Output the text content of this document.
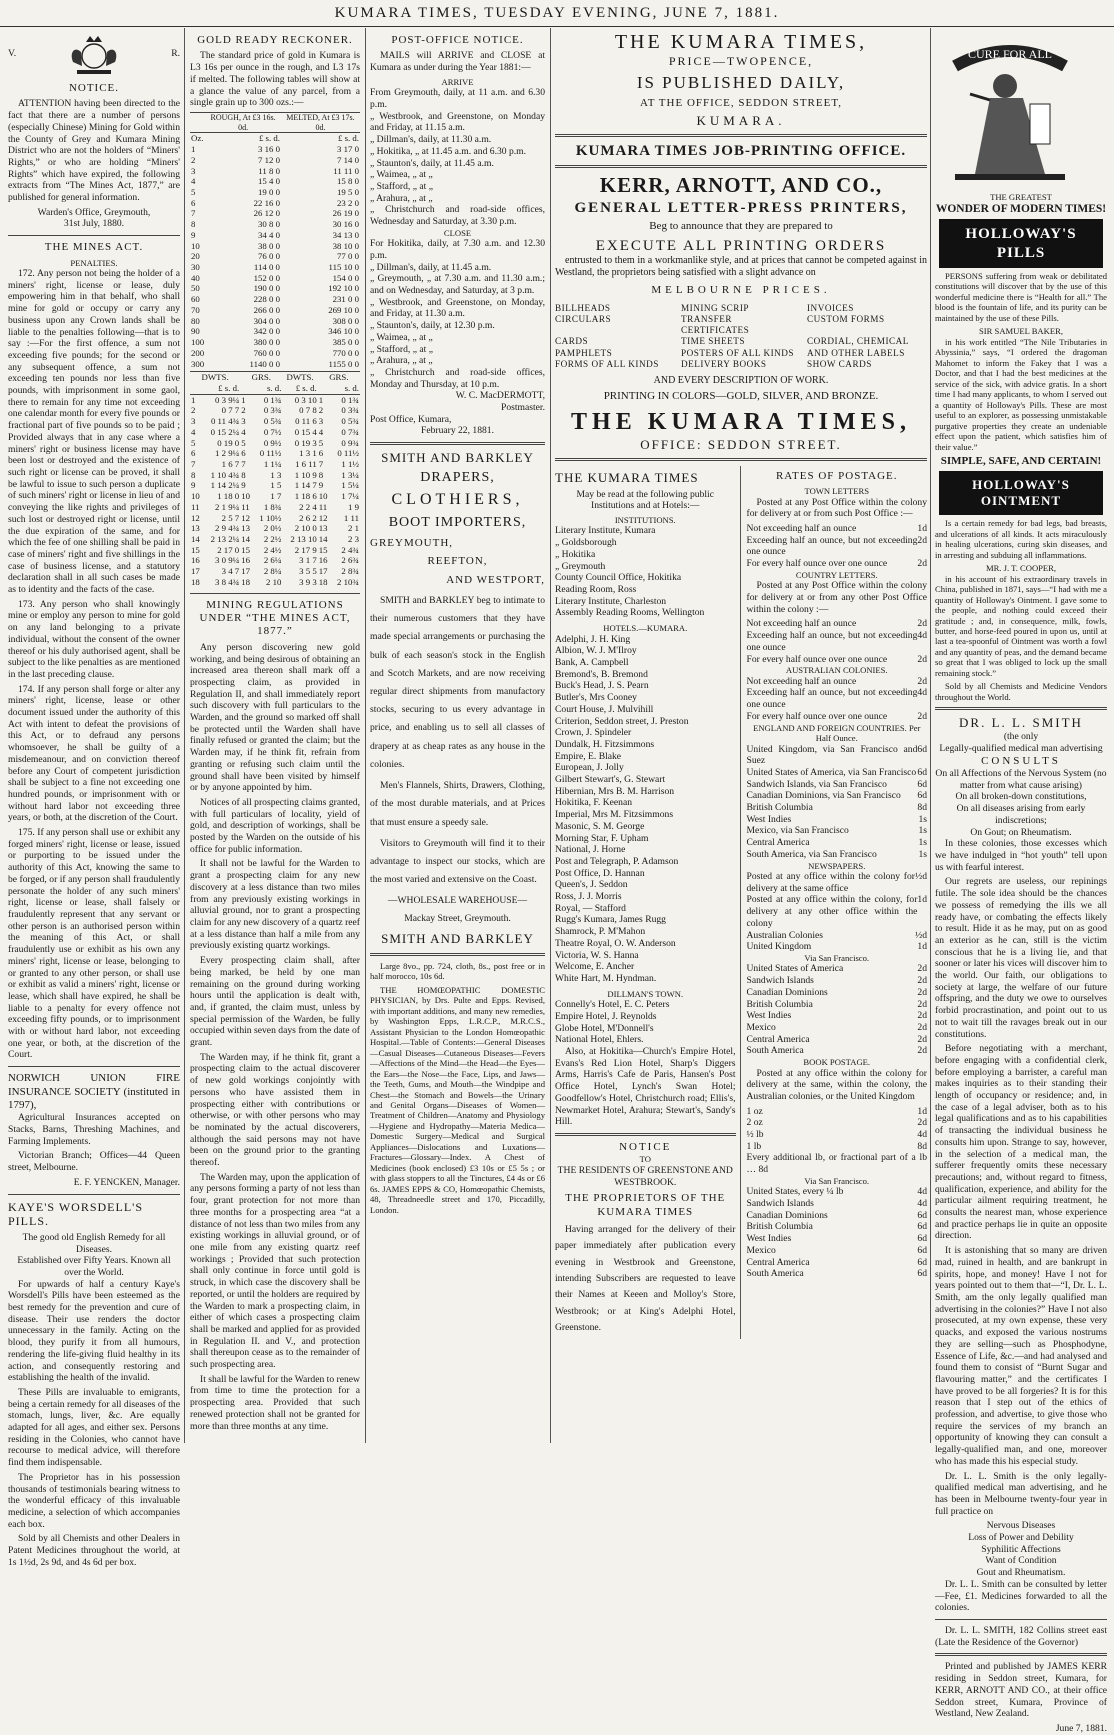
KUMARA TIMES, TUESDAY EVENING, JUNE 7, 1881.
V.	R.
NOTICE.

ATTENTION having been directed to the fact that there are a number of persons (especially Chinese) Mining for Gold within the County of Grey and Kumara Mining District who are not the holders of “Miners' Rights,” or who are holding “Miners' Rights” which have expired, the following extracts from “The Mines Act, 1877,” are published for general information.

Warden's Office, Greymouth,
31st July, 1880.
THE MINES ACT.
PENALTIES.

172. Any person not being the holder of a miners' right, license or lease, duly empowering him in that behalf, who shall mine for gold or occupy or carry any business upon any Crown lands shall be liable to the penalties following—that is to say :—For the first offence, a sum not exceeding five pounds; for the second or any subsequent offence, a sum not exceeding ten pounds nor less than five pounds, with imprisonment in some gaol, there to remain for any time not exceeding one calendar month for every five pounds or fractional part of five pounds so to be paid ; Provided always that in any case where a miners' right or business license may have been lost or destroyed and the existence of such right or license can be proved, it shall be lawful to issue to such person a duplicate of such miners' right or license in lieu of and conveying the like rights and privileges of such lost or destroyed right or license, until the due expiration of the same, and for which the fee of one shilling shall be paid in case of miners' right and five shillings in the case of business license, and a statutory declaration shall in all such cases be made as to identity and the facts of the case.

173. Any person who shall knowingly mine or employ any person to mine for gold on any land belonging to a private individual, without the consent of the owner thereof or his duly authorised agent, shall be subject to the like penalties as are mentioned in the last preceding clause.

174. If any person shall forge or alter any miners' right, license, lease or other document issued under the authority of this Act with intent to defeat the provisions of this Act, or to defraud any persons whomsoever, he shall be guilty of a misdemeanour, and on conviction thereof before any Court of competent jurisdiction shall be subject to a fine not exceeding one hundred pounds, or imprisonment with or without hard labor not exceeding three years, or both, at the discretion of the Court.

175. If any person shall use or exhibit any forged miners' right, license or lease, issued or purporting to be issued under the authority of this Act, knowing the same to be forged, or if any person shall fraudulently personate the holder of any such miners' right, license or lease, shall falsely or fraudulently represent that any servant or other person is an authorised person within the meaning of this Act, or shall fraudulently use or exhibit as his own any miners' right, license or lease, belonging to or granted to any other person, or shall use or exhibit as valid a miners' right, license or lease, which shall have expired, he shall be liable to a penalty for every offence not exceeding fifty pounds, or to imprisonment with or without hard labor, not exceeding one year, or both, at the discretion of the Court.

NORWICH UNION FIRE INSURANCE SOCIETY (instituted in 1797),

Agricultural Insurances accepted on Stacks, Barns, Threshing Machines, and Farming Implements.

Victorian Branch; Offices—44 Queen street, Melbourne.

E. F. YENCKEN, Manager.
KAYE'S WORSDELL'S PILLS.
The good old English Remedy for all Diseases.
Established over Fifty Years. Known all over the World.

For upwards of half a century Kaye's Worsdell's Pills have been esteemed as the best remedy for the prevention and cure of disease. Their use renders the doctor unnecessary in the family. Acting on the blood, they purify it from all humours, rendering the life-giving fluid healthy in its action, and consequently restoring and establishing the health of the invalid.

These Pills are invaluable to emigrants, being a certain remedy for all diseases of the stomach, lungs, liver, &c. Are equally adapted for all ages, and either sex. Persons residing in the Colonies, who cannot have recourse to medical advice, will therefore find them indispensable.

The Proprietor has in his possession thousands of testimonials bearing witness to the wonderful efficacy of this invaluable medicine, a selection of which accompanies each box.

Sold by all Chemists and other Dealers in Patent Medicines throughout the world, at 1s 1½d, 2s 9d, and 4s 6d per box.

GOLD READY RECKONER.

The standard price of gold in Kumara is L3 16s per ounce in the rough, and L3 17s if melted. The following tables will show at a glance the value of any parcel, from a single grain up to 300 ozs.:—

	ROUGH, At £3 16s. 0d.	MELTED, At £3 17s. 0d.
Oz.	£ s. d.	£ s. d.
1	3 16 0	3 17 0
2	7 12 0	7 14 0
3	11 8 0	11 11 0
4	15 4 0	15 8 0
5	19 0 0	19 5 0
6	22 16 0	23 2 0
7	26 12 0	26 19 0
8	30 8 0	30 16 0
9	34 4 0	34 13 0
10	38 0 0	38 10 0
20	76 0 0	77 0 0
30	114 0 0	115 10 0
40	152 0 0	154 0 0
50	190 0 0	192 10 0
60	228 0 0	231 0 0
70	266 0 0	269 10 0
80	304 0 0	308 0 0
90	342 0 0	346 10 0
100	380 0 0	385 0 0
200	760 0 0	770 0 0
300	1140 0 0	1155 0 0
DWTS.		GRS.		DWTS.	GRS.	
	£ s. d.		s. d.	£ s. d.		s. d.
1	0 3 9¼	1	0 1¾	0 3 10	1	0 1¾
2	0 7 7	2	0 3¾	0 7 8	2	0 3¾
3	0 11 4¾	3	0 5¾	0 11 6	3	0 5¾
4	0 15 2¼	4	0 7½	0 15 4	4	0 7¾
5	0 19 0	5	0 9½	0 19 3	5	0 9¾
6	1 2 9¼	6	0 11½	1 3 1	6	0 11½
7	1 6 7	7	1 1¼	1 6 11	7	1 1½
8	1 10 4¾	8	1 3	1 10 9	8	1 3¼
9	1 14 2¼	9	1 5	1 14 7	9	1 5¼
10	1 18 0	10	1 7	1 18 6	10	1 7¼
11	2 1 9¼	11	1 8¾	2 2 4	11	1 9
12	2 5 7	12	1 10½	2 6 2	12	1 11
13	2 9 4¾	13	2 0½	2 10 0	13	2 1
14	2 13 2¼	14	2 2½	2 13 10	14	2 3
15	2 17 0	15	2 4½	2 17 9	15	2 4¾
16	3 0 9¼	16	2 6¼	3 1 7	16	2 6¾
17	3 4 7	17	2 8¼	3 5 5	17	2 8¾
18	3 8 4¾	18	2 10	3 9 3	18	2 10¾
MINING REGULATIONS UNDER “THE MINES ACT, 1877.”

Any person discovering new gold working, and being desirous of obtaining an increased area thereon shall mark off a prospecting claim, as provided in Regulation II, and shall immediately report such discovery with full particulars to the Warden, and the ground so marked off shall be protected until the Warden shall have finally refused or granted the claim; but the Warden may, if he think fit, refrain from granting or refusing such claim until the ground shall have been visited by himself or by anyone appointed by him.

Notices of all prospecting claims granted, with full particulars of locality, yield of gold, and description of workings, shall be posted by the Warden on the outside of his office for public information.

It shall not be lawful for the Warden to grant a prospecting claim for any new discovery at a less distance than two miles from any previously existing workings in alluvial ground, nor to grant a prospecting claim for any new discovery of a quartz reef at a less distance than half a mile from any previously existing quartz workings.

Every prospecting claim shall, after being marked, be held by one man remaining on the ground during working hours until the application is dealt with, and, if granted, the claim must, unless by special permission of the Warden, be fully occupied within seven days from the date of grant.

The Warden may, if he think fit, grant a prospecting claim to the actual discoverer of new gold workings conjointly with persons who have assisted them in prospecting either with contributions or otherwise, or with other persons who may be nominated by the actual discoverers, although the said persons may not have been on the ground prior to the granting thereof.

The Warden may, upon the application of any persons forming a party of not less than four, grant protection for not more than three months for a prospecting area “at a distance of not less than two miles from any existing workings in alluvial ground, or of one mile from any existing quartz reef workings ; Provided that such protection shall only continue in force until gold is struck, in which case the discovery shall be reported, or until the holders are required by the Warden to mark a prospecting claim, in either of which cases a prospecting claim shall be marked and applied for as provided in Regulation II. and V., and protection shall thereupon cease as to the remainder of such prospecting area.

It shall be lawful for the Warden to renew from time to time the protection for a prospecting area. Provided that such renewed protection shall not be granted for more than three months at any time.

POST-OFFICE NOTICE.

MAILS will ARRIVE and CLOSE at Kumara as under during the Year 1881:—

ARRIVE
From Greymouth, daily, at 11 a.m. and 6.30 p.m.
„ Westbrook, and Greenstone, on Monday and Friday, at 11.15 a.m.
„ Dillman's, daily, at 11.30 a.m.
„ Hokitika, „ at 11.45 a.m. and 6.30 p.m.
„ Staunton's, daily, at 11.45 a.m.
„ Waimea, „ at „
„ Stafford, „ at „
„ Arahura, „ at „
„ Christchurch and road-side offices, Wednesday and Saturday, at 3.30 p.m.
CLOSE
For Hokitika, daily, at 7.30 a.m. and 12.30 p.m.
„ Dillman's, daily, at 11.45 a.m.
„ Greymouth, „ at 7.30 a.m. and 11.30 a.m.; and on Wednesday, and Saturday, at 3 p.m.
„ Westbrook, and Greenstone, on Monday, and Friday, at 11.30 a.m.
„ Staunton's, daily, at 12.30 p.m.
„ Waimea, „ at „
„ Stafford, „ at „
„ Arahura, „ at „
„ Christchurch and road-side offices, Monday and Thursday, at 10 p.m.
W. C. MacDERMOTT,
Postmaster.
Post Office, Kumara,
February 22, 1881.
SMITH AND BARKLEY
DRAPERS,
CLOTHIERS,
BOOT IMPORTERS,
GREYMOUTH,
REEFTON,
AND WESTPORT,

SMITH and BARKLEY beg to intimate to their numerous customers that they have made special arrangements or purchasing the bulk of each season's stock in the English and Scotch Markets, and are now receiving regular direct shipments from manufactory stocks, securing to us every advantage in price, and enabling us to sell all classes of drapery at as cheap rates as any house in the colonies.

Men's Flannels, Shirts, Drawers, Clothing, of the most durable materials, and at Prices that must ensure a speedy sale.

Visitors to Greymouth will find it to their advantage to inspect our stocks, which are the most varied and extensive on the Coast.

—WHOLESALE WAREHOUSE—
Mackay Street, Greymouth.
SMITH AND BARKLEY

Large 8vo., pp. 724, cloth, 8s., post free or in half morocco, 10s 6d.

THE HOMŒOPATHIC DOMESTIC PHYSICIAN, by Drs. Pulte and Epps. Revised, with important additions, and many new remedies, by Washington Epps, L.R.C.P., M.R.C.S., Assistant Physician to the London Homœopathic Hospital.—Table of Contents:—General Diseases—Casual Diseases—Cutaneous Diseases—Fevers—Affections of the Mind—the Head—the Eyes—the Ears—the Nose—the Face, Lips, and Jaws—the Teeth, Gums, and Mouth—the Windpipe and Chest—the Stomach and Bowels—the Urinary and Genital Organs—Diseases of Women—Treatment of Children—Anatomy and Physiology—Hygiene and Hydropathy—Materia Medica—Domestic Surgery—Medical and Surgical Appliances—Dislocations and Luxations—Fractures—Glossary—Index. A Chest of Medicines (book enclosed) £3 10s or £5 5s ; or with glass stoppers to all the Tinctures, £4 4s or £6 6s. JAMES EPPS & CO, Homœopathic Chemists, 48, Threadneedle street and 170, Piccadilly, London.

THE KUMARA TIMES,
PRICE—TWOPENCE,
IS PUBLISHED DAILY,
AT THE OFFICE, SEDDON STREET,
KUMARA.
KUMARA TIMES JOB-PRINTING OFFICE.
KERR, ARNOTT, AND CO.,
GENERAL LETTER-PRESS PRINTERS,
Beg to announce that they are prepared to
EXECUTE ALL PRINTING ORDERS

entrusted to them in a workmanlike style, and at prices that cannot be competed against in Westland, the proprietors being satisfied with a slight advance on

MELBOURNE PRICES.
BILLHEADS	MINING SCRIP	INVOICES
CIRCULARS	TRANSFER CERTIFICATES
CUSTOM FORMS
CARDS	TIME SHEETS	CORDIAL, CHEMICAL
PAMPHLETS	POSTERS OF ALL KINDS	AND OTHER LABELS
FORMS OF ALL KINDS	DELIVERY BOOKS	SHOW CARDS
AND EVERY DESCRIPTION OF WORK.
PRINTING IN COLORS—GOLD, SILVER, AND BRONZE.
THE KUMARA TIMES,
OFFICE: SEDDON STREET.
THE KUMARA TIMES
May be read at the following public Institutions and at Hotels:—
INSTITUTIONS.
Literary Institute, Kumara
„ Goldsborough
„ Hokitika
„ Greymouth
County Council Office, Hokitika
Reading Room, Ross
Literary Institute, Charleston
Assembly Reading Rooms, Wellington
HOTELS.—KUMARA.
Adelphi, J. H. King
Albion, W. J. M'Ilroy
Bank, A. Campbell
Bremond's, B. Bremond
Buck's Head, J. S. Pearn
Butler's, Mrs Cooney
Court House, J. Mulvihill
Criterion, Seddon street, J. Preston
Crown, J. Spindeler
Dundalk, H. Fitzsimmons
Empire, E. Blake
European, J. Jolly
Gilbert Stewart's, G. Stewart
Hibernian, Mrs B. M. Harrison
Hokitika, F. Keenan
Imperial, Mrs M. Fitzsimmons
Masonic, S. M. George
Morning Star, F. Upham
National, J. Horne
Post and Telegraph, P. Adamson
Post Office, D. Hannan
Queen's, J. Seddon
Ross, J. J. Morris
Royal, — Stafford
Rugg's Kumara, James Rugg
Shamrock, P. M'Mahon
Theatre Royal, O. W. Anderson
Victoria, W. S. Hanna
Welcome, E. Ancher
White Hart, M. Hyndman.
DILLMAN'S TOWN.
Connelly's Hotel, E. C. Peters
Empire Hotel, J. Reynolds
Globe Hotel, M'Donnell's
National Hotel, Ehlers.

Also, at Hokitika—Church's Empire Hotel, Evans's Red Lion Hotel, Sharp's Diggers Arms, Harris's Cafe de Paris, Hansen's Post Office Hotel, Lynch's Swan Hotel; Goodfellow's Hotel, Christchurch road; Ellis's, Newmarket Hotel, Arahura; Stewart's, Sandy's Hill.

NOTICE
TO
THE RESIDENTS OF GREENSTONE AND WESTBROOK.
THE PROPRIETORS OF THE KUMARA TIMES

Having arranged for the delivery of their paper immediately after publication every evening in Westbrook and Greenstone, intending Subscribers are requested to leave their Names at Keeen and Molloy's Store, Westbrook; or at King's Adelphi Hotel, Greenstone.

RATES OF POSTAGE.
TOWN LETTERS

Posted at any Post Office within the colony for delivery at or from such Post Office :—

Not exceeding half an ounce	1d
Exceeding half an ounce, but not exceeding one ounce
2d
For every half ounce over one ounce	2d
COUNTRY LETTERS.

Posted at any Post Office within the colony for delivery at or from any other Post Office within the colony :—

Not exceeding half an ounce	2d
Exceeding half an ounce, but not exceeding one ounce
4d
For every half ounce over one ounce	2d
AUSTRALIAN COLONIES.
Not exceeding half an ounce	2d
Exceeding half an ounce, but not exceeding one ounce
4d
For every half ounce over one ounce	2d
ENGLAND AND FOREIGN COUNTRIES. Per Half Ounce.
United Kingdom, via San Francisco and Suez
6d
United States of America, via San Francisco 6d
Sandwich Islands, via San Francisco	6d
Canadian Dominions, via San Francisco 6d
British Columbia	8d
West Indies	1s
Mexico, via San Francisco	1s
Central America	1s
South America, via San Francisco	1s
NEWSPAPERS.
Posted at any office within the colony for delivery at the same office
½d
Posted at any office within the colony, for delivery at any other office within the colony
1d
Australian Colonies	½d
United Kingdom	1d
Via San Francisco.
United States of America	2d
Sandwich Islands	2d
Canadian Dominions	2d
British Columbia	2d
West Indies	2d
Mexico	2d
Central America	2d
South America	2d
BOOK POSTAGE.

Posted at any office within the colony for delivery at the same, within the colony, the Australian colonies, or the United Kingdom

1 oz	1d
2 oz	2d
½ lb	4d
1 lb	8d
Every additional lb, or fractional part of a lb … 8d
Via San Francisco.
United States, every ¼ lb	4d
Sandwich Islands	4d
Canadian Dominions	6d
British Columbia	6d
West Indies	6d
Mexico	6d
Central America	6d
South America	6d
CURE FOR ALL
THE GREATEST
WONDER OF MODERN TIMES!
HOLLOWAY'S PILLS

PERSONS suffering from weak or debilitated constitutions will discover that by the use of this wonderful medicine there is “Health for all.” The blood is the fountain of life, and its purity can be maintained by the use of these Pills.

SIR SAMUEL BAKER,

in his work entitled “The Nile Tributaries in Abyssinia,” says, “I ordered the dragoman Mahomet to inform the Fakey that I was a Doctor, and that I had the best medicines at the service of the sick, with advice gratis. In a short time I had many applicants, to whom I served out a quantity of Holloway's Pills. These are most useful to an explorer, as possessing unmistakable purgative properties they create an undeniable effect upon the patient, which satisfies him of their value.”

SIMPLE, SAFE, AND CERTAIN!
HOLLOWAY'S OINTMENT

Is a certain remedy for bad legs, bad breasts, and ulcerations of all kinds. It acts miraculously in healing ulcerations, curing skin diseases, and in arresting and subduing all inflammations.

MR. J. T. COOPER,

in his account of his extraordinary travels in China, published in 1871, says—“I had with me a quantity of Holloway's Ointment. I gave some to the people, and nothing could exceed their gratitude ; and, in consequence, milk, fowls, butter, and horse-feed poured in upon us, until at last a tea-spoonful of Ointment was worth a fowl and any quantity of peas, and the demand became so great that I was obliged to lock up the small remaining stock.”

Sold by all Chemists and Medicine Vendors throughout the World.

DR. L. L. SMITH
(the only
Legally-qualified medical man advertising
CONSULTS
On all Affections of the Nervous System (no matter from what cause arising)
On all broken-down constitutions,
On all diseases arising from early indiscretions;
On Gout; on Rheumatism.

In these colonies, those excesses which we have indulged in “hot youth” tell upon us with fearful interest.

Our regrets are useless, our repinings futile. The sole idea should be the chances we possess of remedying the ills we all ready have, or combating the effects likely to result. Hide it as he may, put on as good an exterior as he can, still is the victim conscious that he is a living lie, and that sooner or later his vices will discover him to the world. Our faith, our obligations to society at large, the welfare of our future offspring, and the duty we owe to ourselves forbid procrastination, and point out to us not to wait till the ravages break out in our constitutions.

Before negotiating with a merchant, before engaging with a confidential clerk, before employing a barrister, a careful man makes inquiries as to their standing their length of occupancy or residence; and, in the case of a legal adviser, both as to his legal qualifications and as to his capabilities of transacting the individual business he consults him upon. Strange to say, however, in the selection of a medical man, the sufferer frequently omits these necessary precautions; and, without regard to fitness, qualification, experience, and ability for the particular ailment requiring treatment, he consults the nearest man, whose experience and practice perhaps lie in quite an opposite direction.

It is astonishing that so many are driven mad, ruined in health, and are bankrupt in spirits, hope, and money! Have I not for years pointed out to them that—“I, Dr. L. L. Smith, am the only legally qualified man advertising in the colonies?” Have I not also prosecuted, at my own expense, these very quacks, and exposed the various nostrums they are selling—such as Phosphodyne, Essence of Life, &c.—and had analysed and found them to consist of “Burnt Sugar and flavouring matter,” and the certificates I have proved to be all forgeries? It is for this reason that I step out of the ethics of profession, and advertise, to give those who require the services of my branch an opportunity of knowing they can consult a legally-qualified man, and one, moreover who has made this his especial study.

Dr. L. L. Smith is the only legally-qualified medical man advertising, and he has been in Melbourne twenty-four year in full practice on

Nervous Diseases
Loss of Power and Debility
Syphilitic Affections
Want of Condition
Gout and Rheumatism.

Dr. L. L. Smith can be consulted by letter—Fee, £1. Medicines forwarded to all the colonies.

Dr. L. L. SMITH, 182 Collins street east (Late the Residence of the Governor)

Printed and published by JAMES KERR residing in Seddon street, Kumara, for KERR, ARNOTT AND CO., at their office Seddon street, Kumara, Province of Westland, New Zealand.

June 7, 1881.
